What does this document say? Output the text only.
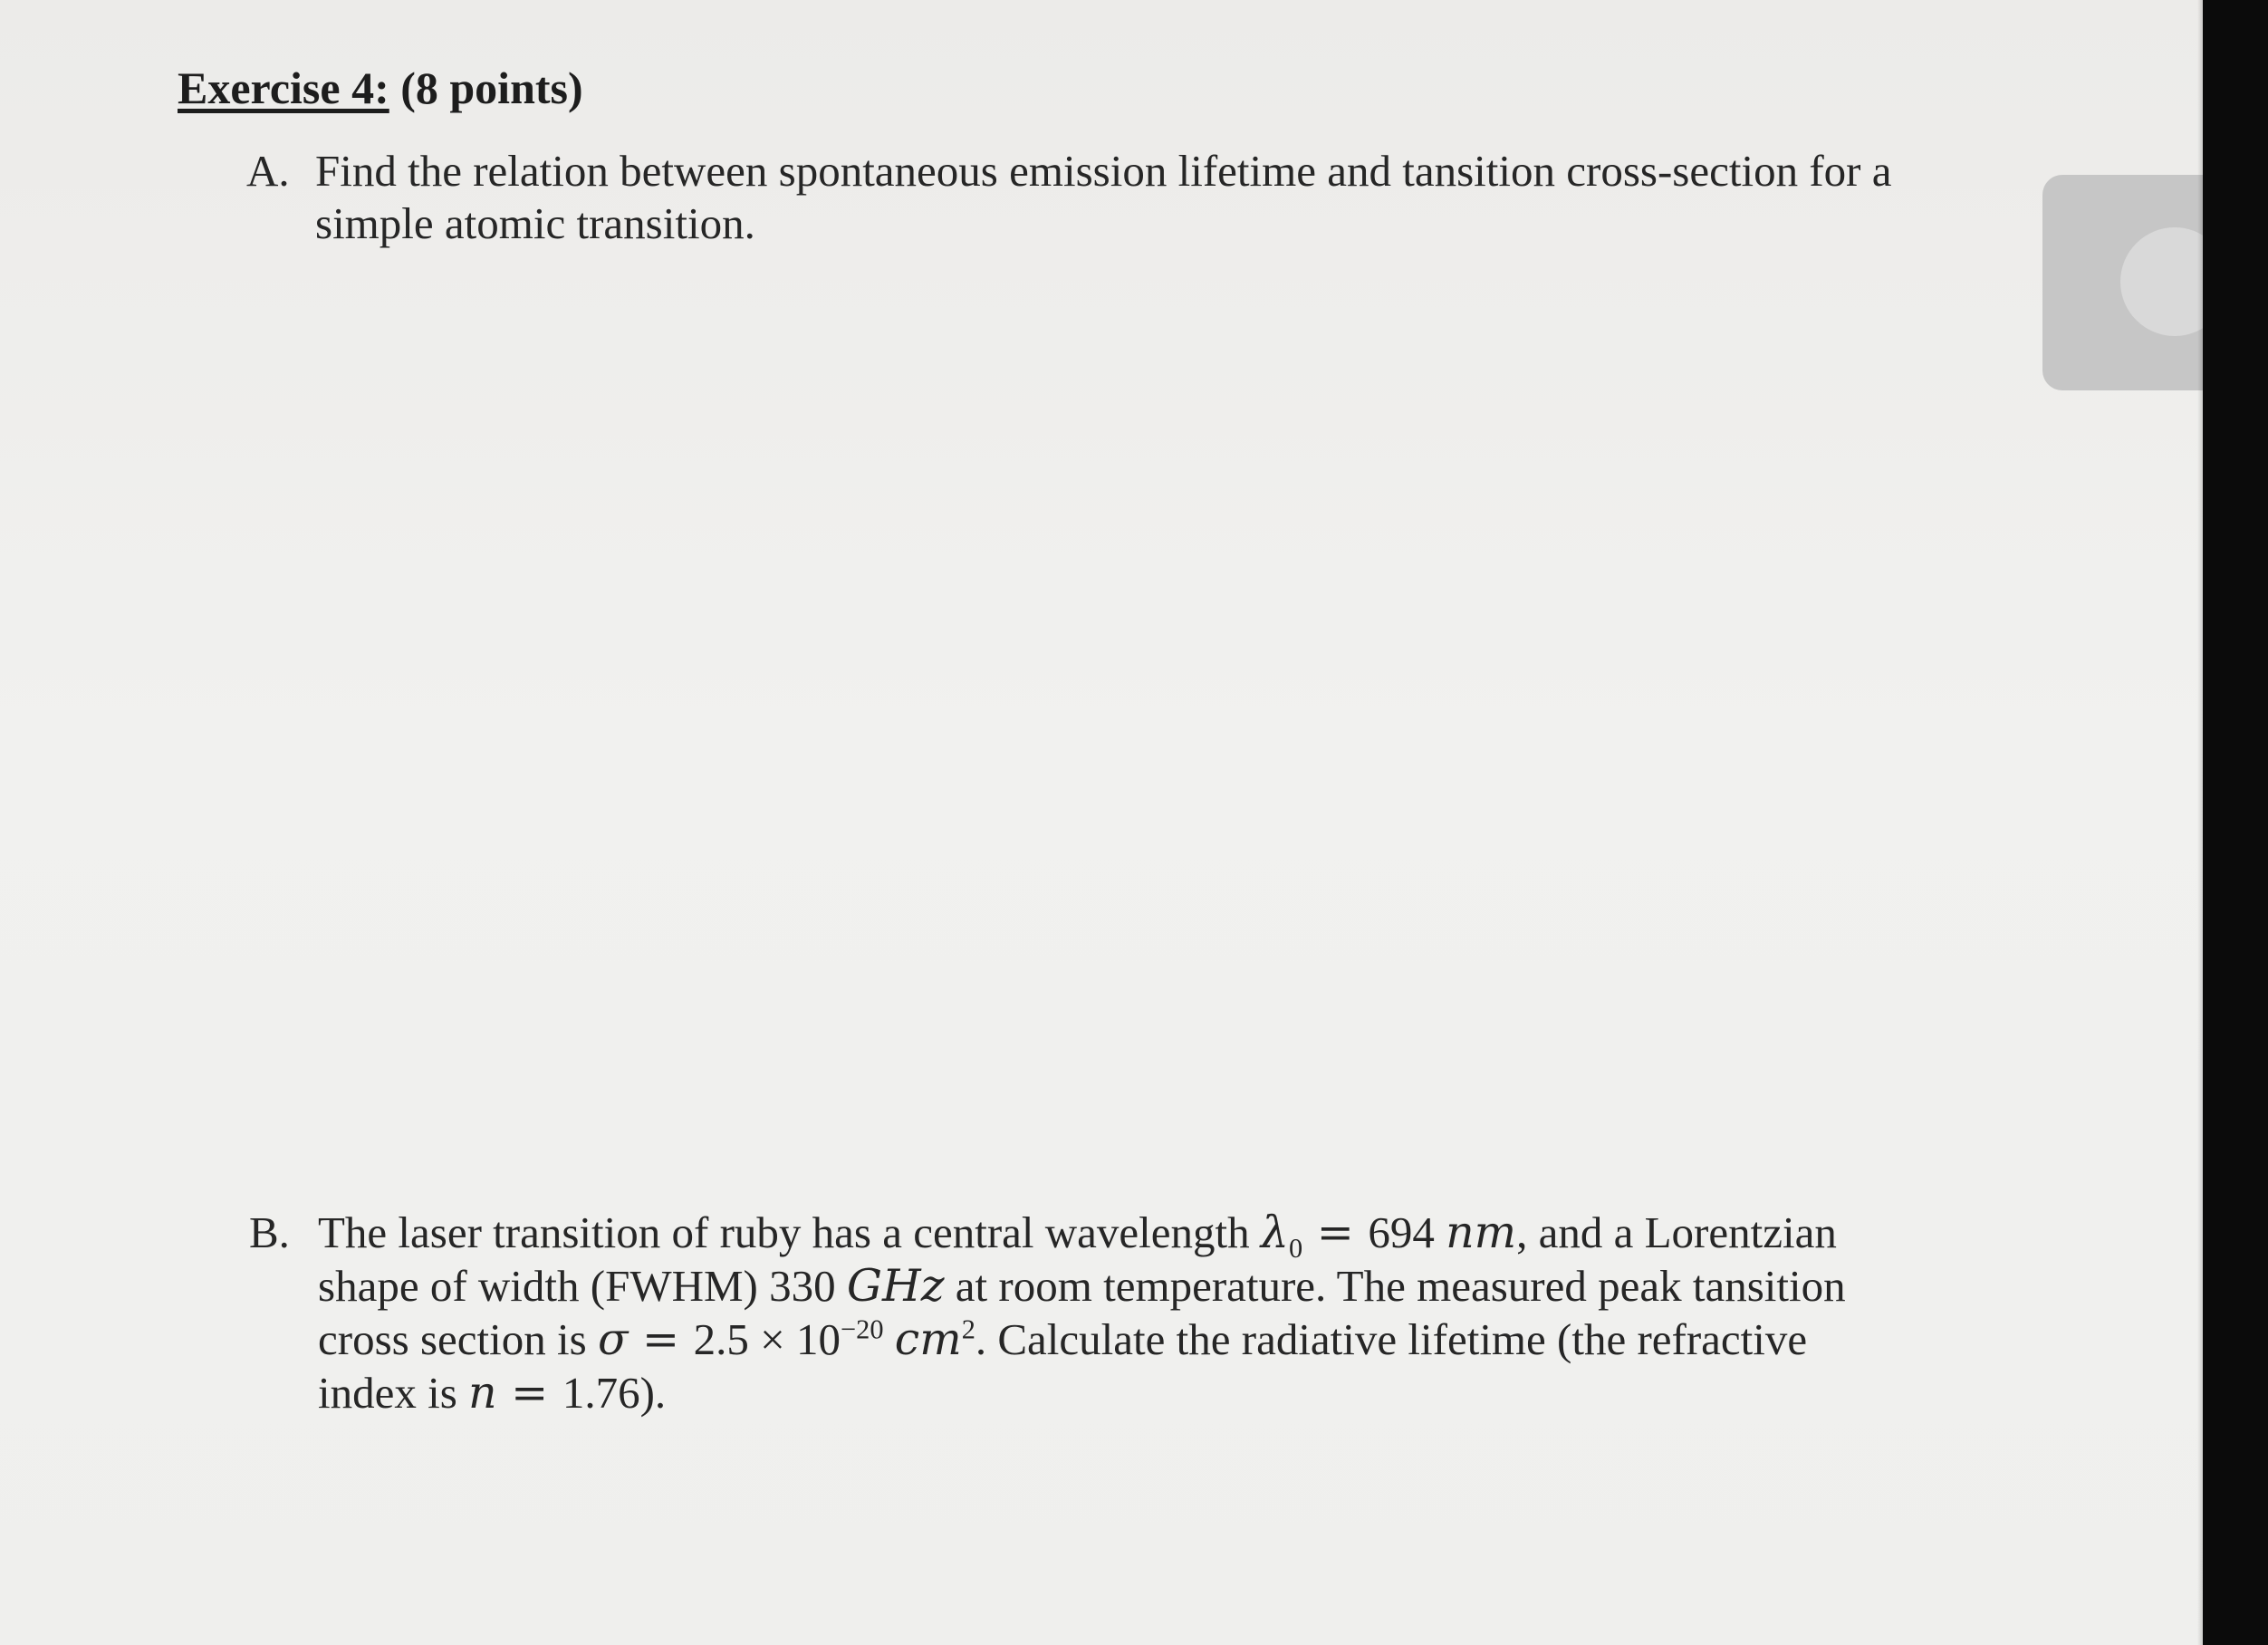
Exercise 4: (8 points)
A. Find the relation between spontaneous emission lifetime and tansition cross-section for a
simple atomic transition.
B. The laser transition of ruby has a central wavelength $\lambda_0 = 694$ nm, and a Lorentzian
shape of width (FWHM) 330 GHz at room temperature. The measured peak tansition
cross section is $\sigma = 2.5 \times 10^{-20}$ $cm^2$. Calculate the radiative lifetime (the refractive
index is n = 1.76).
